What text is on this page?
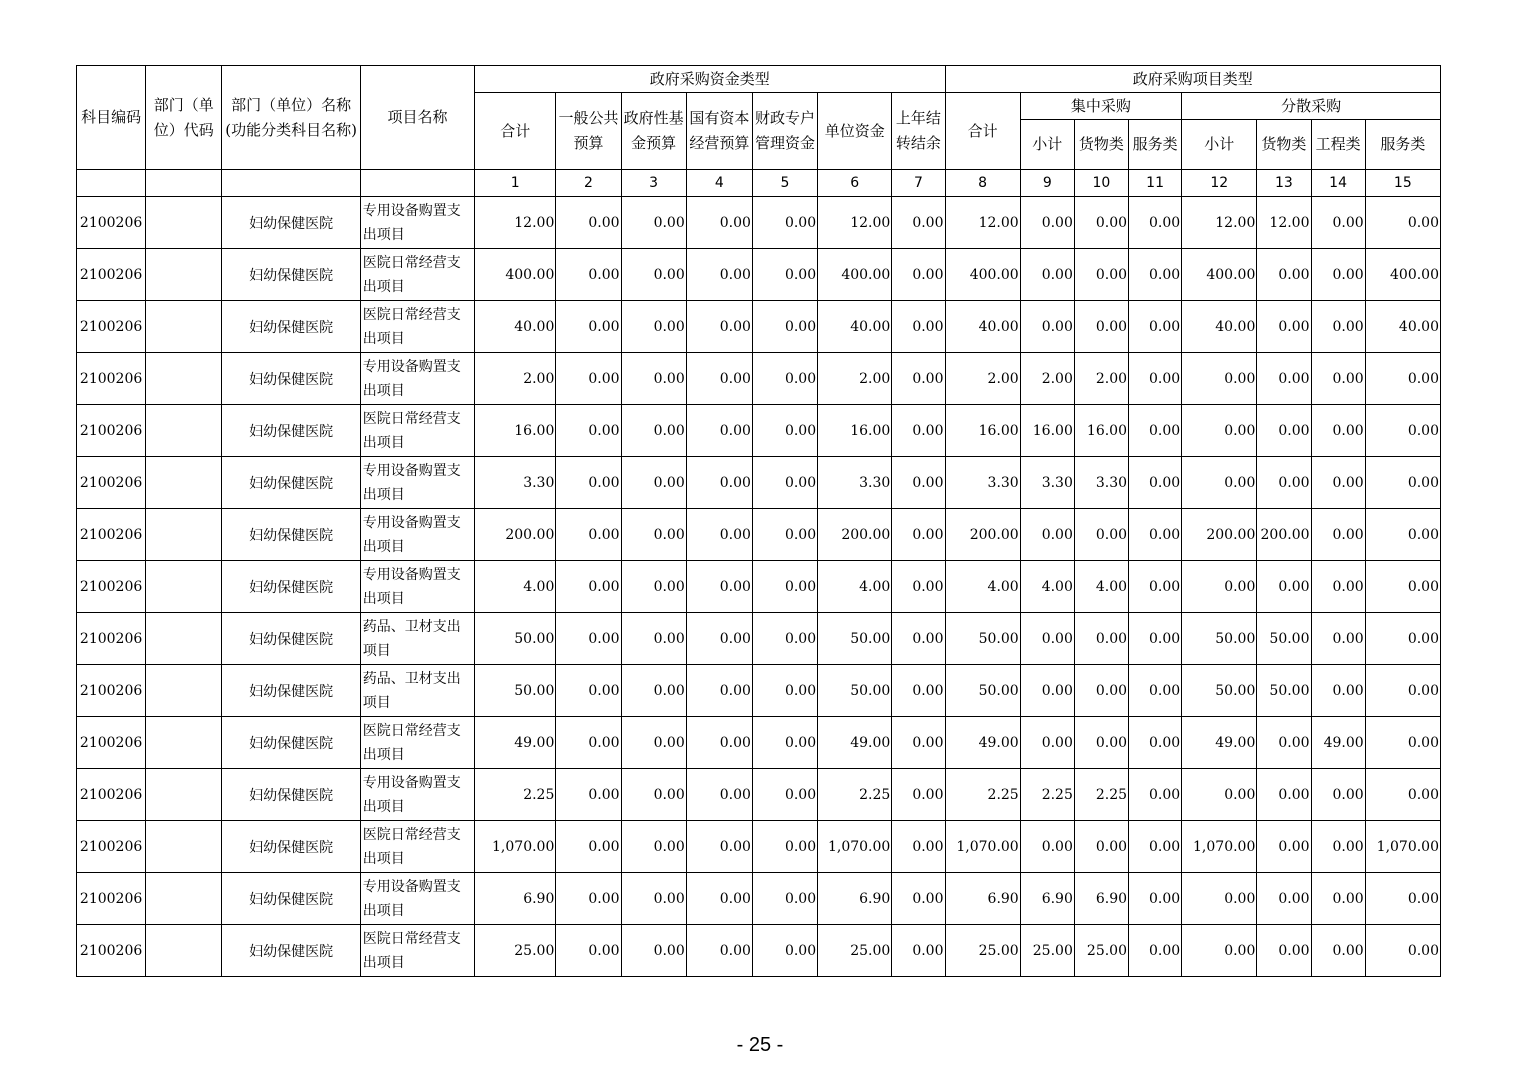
科目编码	部门（单位）代码	部门（单位）名称(功能分类科目名称)	项目名称	政府采购资金类型							政府采购项目类型							
				合计	一般公共预算	政府性基金预算	国有资本经营预算	财政专户管理资金	单位资金	上年结转结余	合计	集中采购			分散采购			
												小计	货物类	服务类	小计	货物类	工程类	服务类
				1	2	3	4	5	6	7	8	9	10	11	12	13	14	15
2100206		妇幼保健医院	专用设备购置支出项目	12.00	0.00	0.00	0.00	0.00	12.00	0.00	12.00	0.00	0.00	0.00	12.00	12.00	0.00	0.00
2100206		妇幼保健医院	医院日常经营支出项目	400.00	0.00	0.00	0.00	0.00	400.00	0.00	400.00	0.00	0.00	0.00	400.00	0.00	0.00	400.00
2100206		妇幼保健医院	医院日常经营支出项目	40.00	0.00	0.00	0.00	0.00	40.00	0.00	40.00	0.00	0.00	0.00	40.00	0.00	0.00	40.00
2100206		妇幼保健医院	专用设备购置支出项目	2.00	0.00	0.00	0.00	0.00	2.00	0.00	2.00	2.00	2.00	0.00	0.00	0.00	0.00	0.00
2100206		妇幼保健医院	医院日常经营支出项目	16.00	0.00	0.00	0.00	0.00	16.00	0.00	16.00	16.00	16.00	0.00	0.00	0.00	0.00	0.00
2100206		妇幼保健医院	专用设备购置支出项目	3.30	0.00	0.00	0.00	0.00	3.30	0.00	3.30	3.30	3.30	0.00	0.00	0.00	0.00	0.00
2100206		妇幼保健医院	专用设备购置支出项目	200.00	0.00	0.00	0.00	0.00	200.00	0.00	200.00	0.00	0.00	0.00	200.00	200.00	0.00	0.00
2100206		妇幼保健医院	专用设备购置支出项目	4.00	0.00	0.00	0.00	0.00	4.00	0.00	4.00	4.00	4.00	0.00	0.00	0.00	0.00	0.00
2100206		妇幼保健医院	药品、卫材支出项目	50.00	0.00	0.00	0.00	0.00	50.00	0.00	50.00	0.00	0.00	0.00	50.00	50.00	0.00	0.00
2100206		妇幼保健医院	药品、卫材支出项目	50.00	0.00	0.00	0.00	0.00	50.00	0.00	50.00	0.00	0.00	0.00	50.00	50.00	0.00	0.00
2100206		妇幼保健医院	医院日常经营支出项目	49.00	0.00	0.00	0.00	0.00	49.00	0.00	49.00	0.00	0.00	0.00	49.00	0.00	49.00	0.00
2100206		妇幼保健医院	专用设备购置支出项目	2.25	0.00	0.00	0.00	0.00	2.25	0.00	2.25	2.25	2.25	0.00	0.00	0.00	0.00	0.00
2100206		妇幼保健医院	医院日常经营支出项目	1,070.00	0.00	0.00	0.00	0.00	1,070.00	0.00	1,070.00	0.00	0.00	0.00	1,070.00	0.00	0.00	1,070.00
2100206		妇幼保健医院	专用设备购置支出项目	6.90	0.00	0.00	0.00	0.00	6.90	0.00	6.90	6.90	6.90	0.00	0.00	0.00	0.00	0.00
2100206		妇幼保健医院	医院日常经营支出项目	25.00	0.00	0.00	0.00	0.00	25.00	0.00	25.00	25.00	25.00	0.00	0.00	0.00	0.00	0.00
- 25 -
